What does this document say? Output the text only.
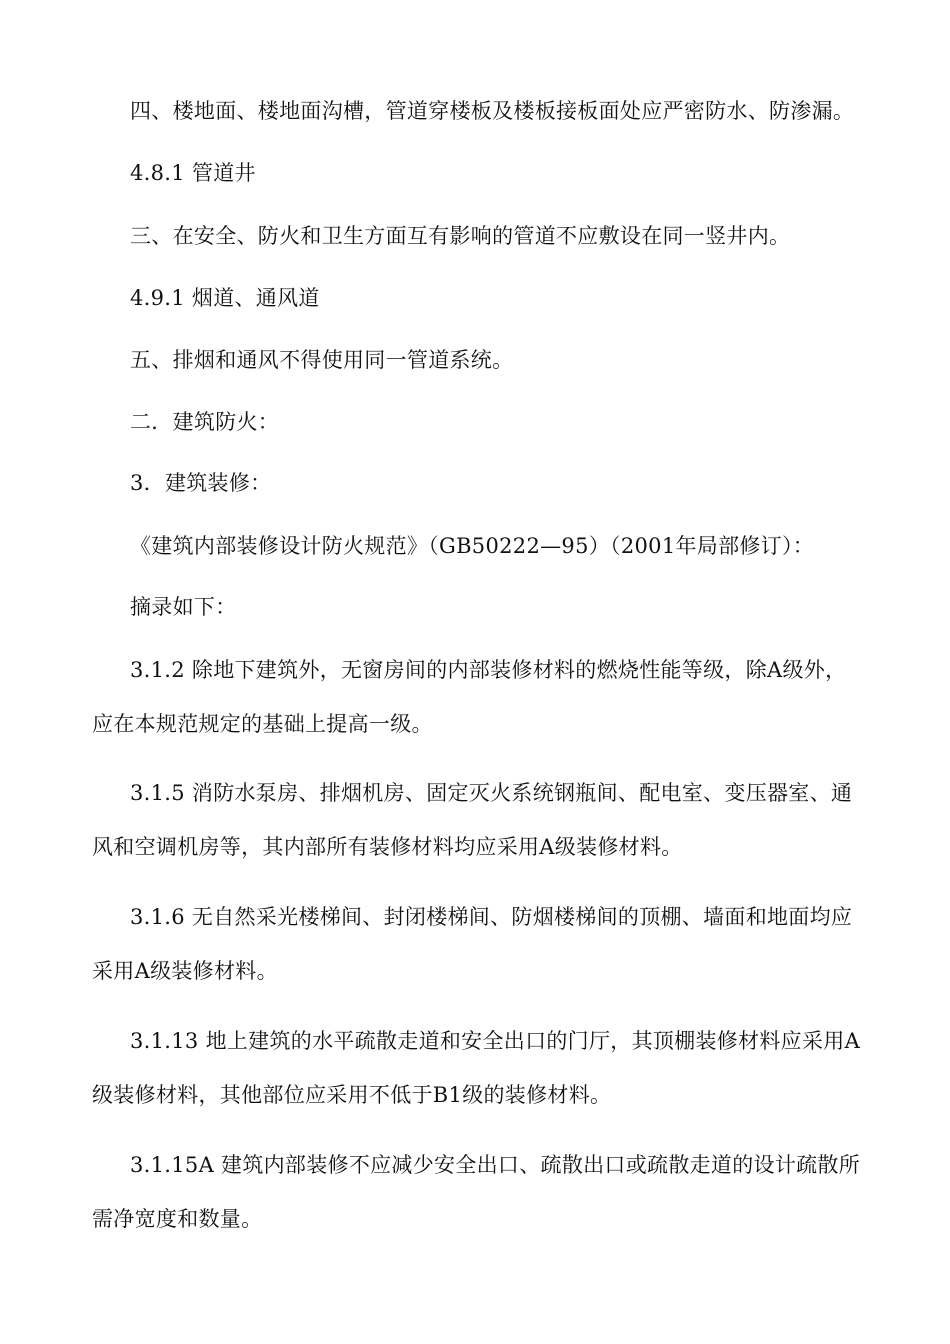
四、楼地面、楼地面沟槽，管道穿楼板及楼板接板面处应严密防水、防渗漏。

4.8.1 管道井

三、在安全、防火和卫生方面互有影响的管道不应敷设在同一竖井内。

4.9.1 烟道、通风道

五、排烟和通风不得使用同一管道系统。

二．建筑防火：

3．建筑装修：

《建筑内部装修设计防火规范》（GB50222—95）（2001年局部修订）：

摘录如下：

3.1.2 除地下建筑外，无窗房间的内部装修材料的燃烧性能等级，除A级外，应在本规范规定的基础上提高一级。

3.1.5 消防水泵房、排烟机房、固定灭火系统钢瓶间、配电室、变压器室、通风和空调机房等，其内部所有装修材料均应采用A级装修材料。

3.1.6 无自然采光楼梯间、封闭楼梯间、防烟楼梯间的顶棚、墙面和地面均应采用A级装修材料。

3.1.13 地上建筑的水平疏散走道和安全出口的门厅，其顶棚装修材料应采用A级装修材料，其他部位应采用不低于B1级的装修材料。

3.1.15A 建筑内部装修不应减少安全出口、疏散出口或疏散走道的设计疏散所需净宽度和数量。
